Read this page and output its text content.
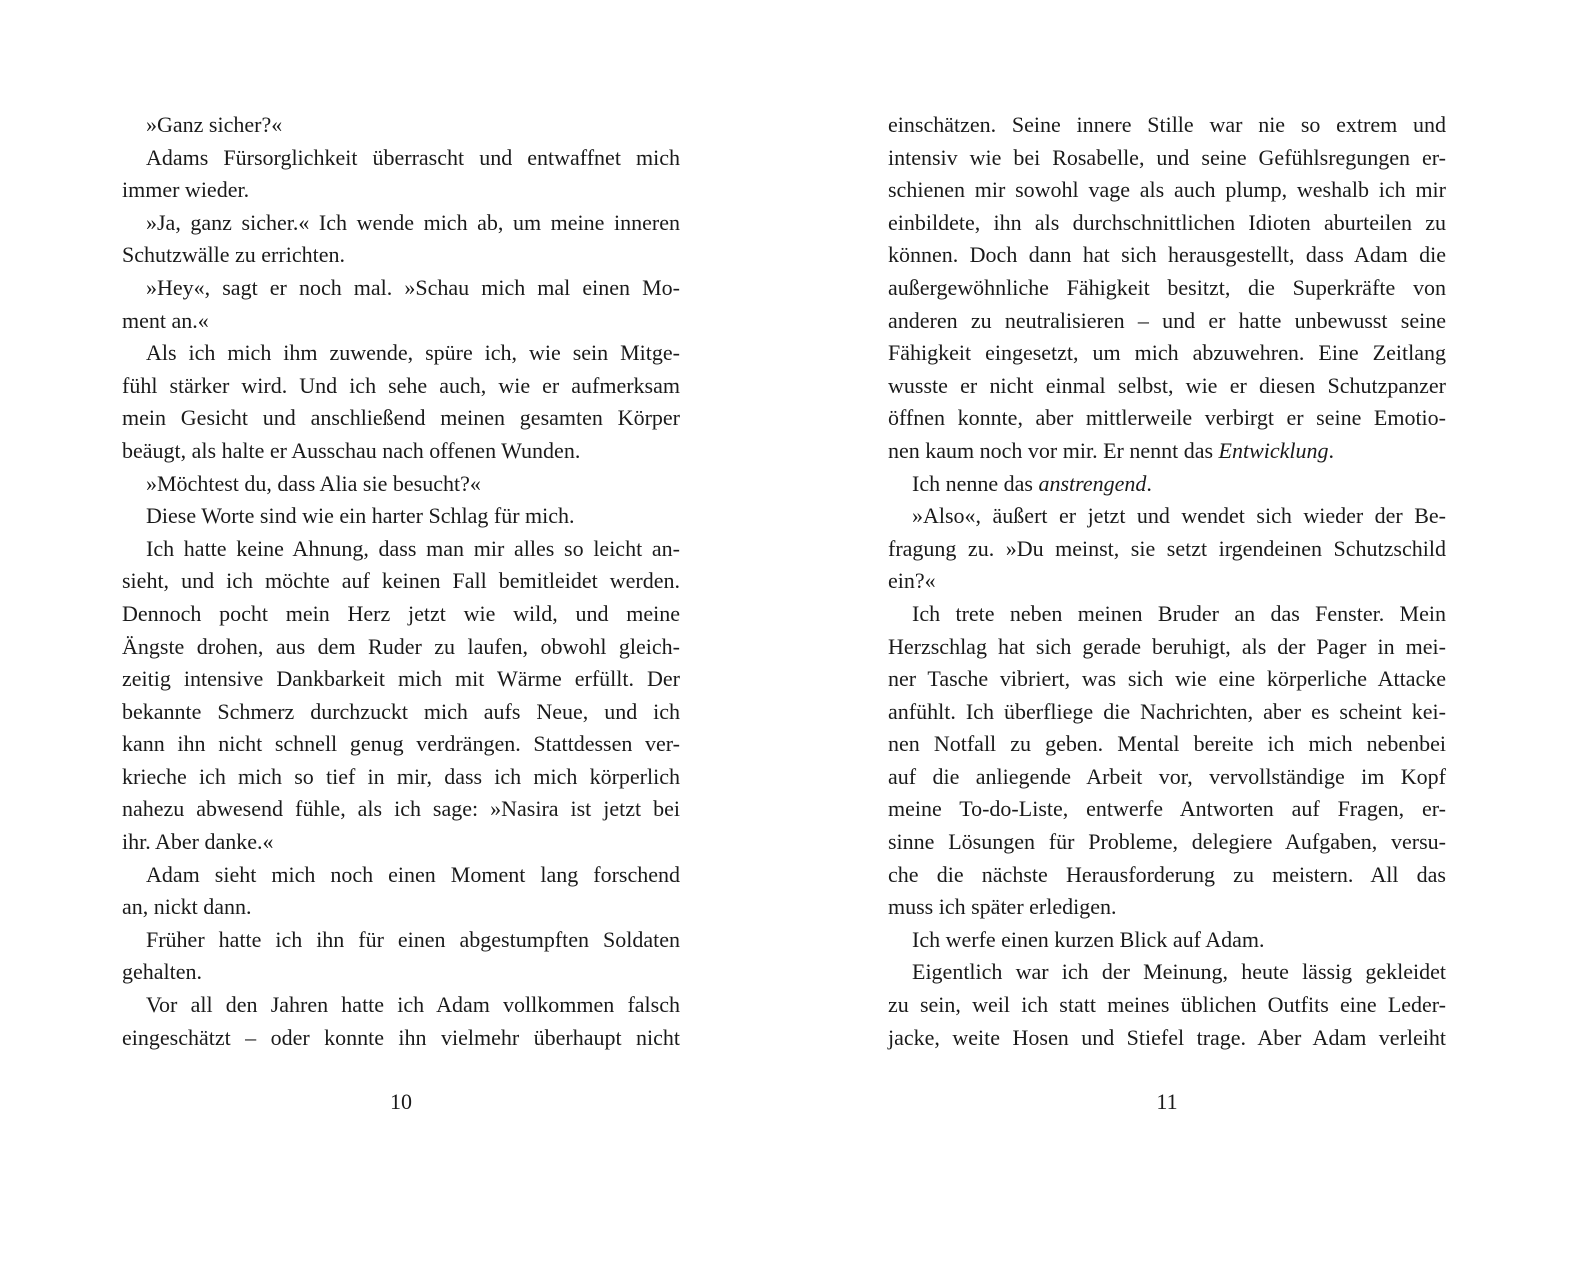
»Ganz sicher?«
Adams Fürsorglichkeit überrascht und entwaffnet mich
immer wieder.
»Ja, ganz sicher.« Ich wende mich ab, um meine inneren
Schutzwälle zu errichten.
»Hey«, sagt er noch mal. »Schau mich mal einen Mo-
ment an.«
Als ich mich ihm zuwende, spüre ich, wie sein Mitge-
fühl stärker wird. Und ich sehe auch, wie er aufmerksam
mein Gesicht und anschließend meinen gesamten Körper
beäugt, als halte er Ausschau nach offenen Wunden.
»Möchtest du, dass Alia sie besucht?«
Diese Worte sind wie ein harter Schlag für mich.
Ich hatte keine Ahnung, dass man mir alles so leicht an-
sieht, und ich möchte auf keinen Fall bemitleidet werden.
Dennoch pocht mein Herz jetzt wie wild, und meine
Ängste drohen, aus dem Ruder zu laufen, obwohl gleich-
zeitig intensive Dankbarkeit mich mit Wärme erfüllt. Der
bekannte Schmerz durchzuckt mich aufs Neue, und ich
kann ihn nicht schnell genug verdrängen. Stattdessen ver-
krieche ich mich so tief in mir, dass ich mich körperlich
nahezu abwesend fühle, als ich sage: »Nasira ist jetzt bei
ihr. Aber danke.«
Adam sieht mich noch einen Moment lang forschend
an, nickt dann.
Früher hatte ich ihn für einen abgestumpften Soldaten
gehalten.
Vor all den Jahren hatte ich Adam vollkommen falsch
eingeschätzt – oder konnte ihn vielmehr überhaupt nicht
einschätzen. Seine innere Stille war nie so extrem und
intensiv wie bei Rosabelle, und seine Gefühlsregungen er-
schienen mir sowohl vage als auch plump, weshalb ich mir
einbildete, ihn als durchschnittlichen Idioten aburteilen zu
können. Doch dann hat sich herausgestellt, dass Adam die
außergewöhnliche Fähigkeit besitzt, die Superkräfte von
anderen zu neutralisieren – und er hatte unbewusst seine
Fähigkeit eingesetzt, um mich abzuwehren. Eine Zeitlang
wusste er nicht einmal selbst, wie er diesen Schutzpanzer
öffnen konnte, aber mittlerweile verbirgt er seine Emotio-
nen kaum noch vor mir. Er nennt das Entwicklung.
Ich nenne das anstrengend.
»Also«, äußert er jetzt und wendet sich wieder der Be-
fragung zu. »Du meinst, sie setzt irgendeinen Schutzschild
ein?«
Ich trete neben meinen Bruder an das Fenster. Mein
Herzschlag hat sich gerade beruhigt, als der Pager in mei-
ner Tasche vibriert, was sich wie eine körperliche Attacke
anfühlt. Ich überfliege die Nachrichten, aber es scheint kei-
nen Notfall zu geben. Mental bereite ich mich nebenbei
auf die anliegende Arbeit vor, vervollständige im Kopf
meine To-do-Liste, entwerfe Antworten auf Fragen, er-
sinne Lösungen für Probleme, delegiere Aufgaben, versu-
che die nächste Herausforderung zu meistern. All das
muss ich später erledigen.
Ich werfe einen kurzen Blick auf Adam.
Eigentlich war ich der Meinung, heute lässig gekleidet
zu sein, weil ich statt meines üblichen Outfits eine Leder-
jacke, weite Hosen und Stiefel trage. Aber Adam verleiht
10	11
